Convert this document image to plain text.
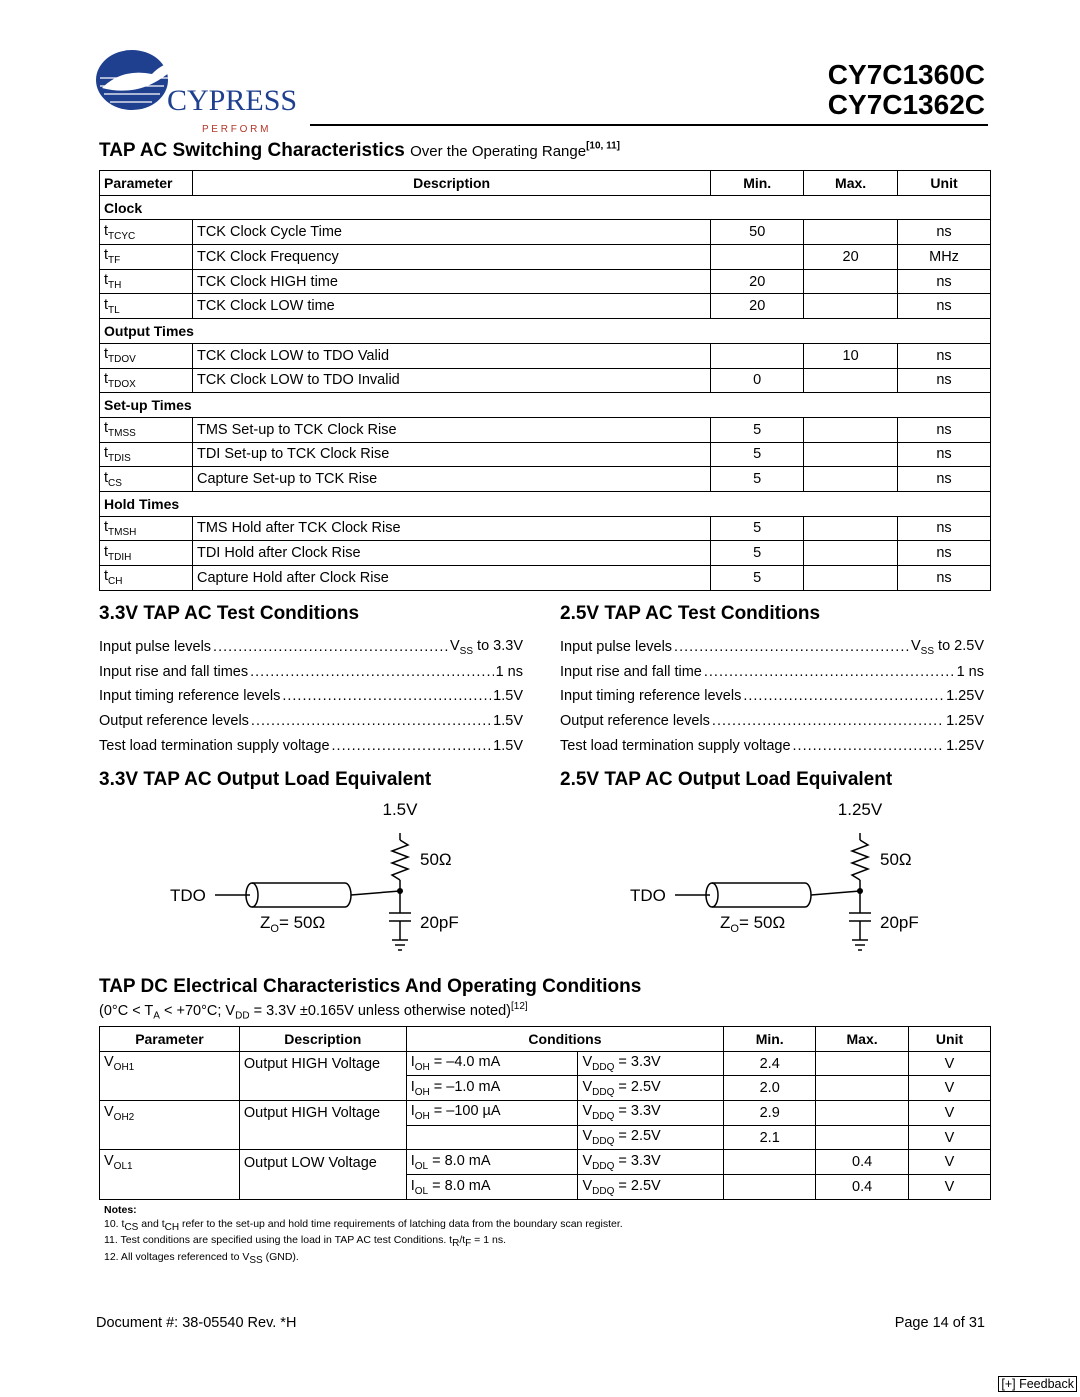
CYPRESS
P E R F O R M
CY7C1360C
CY7C1362C
TAP AC Switching Characteristics Over the Operating Range[10, 11]
Parameter	Description	Min.	Max.	Unit
Clock				
$t_{TCYC}$	TCK Clock Cycle Time	50		ns
$t_{TF}$	TCK Clock Frequency		20	MHz
$t_{TH}$	TCK Clock HIGH time	20		ns
$t_{TL}$	TCK Clock LOW time	20		ns
Output Times				
$t_{TDOV}$	TCK Clock LOW to TDO Valid		10	ns
$t_{TDOX}$	TCK Clock LOW to TDO Invalid	0		ns
Set-up Times				
$t_{TMSS}$	TMS Set-up to TCK Clock Rise	5		ns
$t_{TDIS}$	TDI Set-up to TCK Clock Rise	5		ns
$t_{CS}$	Capture Set-up to TCK Rise	5		ns
Hold Times				
$t_{TMSH}$	TMS Hold after TCK Clock Rise	5		ns
$t_{TDIH}$	TDI Hold after Clock Rise	5		ns
$t_{CH}$	Capture Hold after Clock Rise	5		ns
3.3V TAP AC Test Conditions	2.5V TAP AC Test Conditions
Input pulse levels .....	$V_{SS}$ to 3.3V
Input rise and fall times .....	1 ns
Input timing reference levels .....	1.5V
Output reference levels .....	1.5V
Test load termination supply voltage .....	1.5V
Input pulse levels .....	$V_{SS}$ to 2.5V
Input rise and fall time .....	1 ns
Input timing reference levels .....	1.25V
Output reference levels .....	1.25V
Test load termination supply voltage .....	1.25V
3.3V TAP AC Output Load Equivalent	2.5V TAP AC Output Load Equivalent
1.5V
50Ω
TDO
$Z_O= 50\Omega$	20pF
1.25V
50Ω
TDO
$Z_O= 50\Omega$	20pF
TAP DC Electrical Characteristics And Operating Conditions
($0^\circ C < T_A < +70^\circ C$; $V_{DD} = 3.3V \pm 0.165V$ unless otherwise noted)[12]
Parameter	Description	Conditions		Min.	Max.	Unit
$V_{OH1}$	Output HIGH Voltage	$I_{OH} = -4.0$ mA	$V_{DDQ} = 3.3V$	2.4		V
		$I_{OH} = -1.0$ mA	$V_{DDQ} = 2.5V$	2.0		V
$V_{OH2}$	Output HIGH Voltage	$I_{OH} = -100$ µA	$V_{DDQ} = 3.3V$	2.9		V
			$V_{DDQ} = 2.5V$	2.1		V
$V_{OL1}$	Output LOW Voltage	$I_{OL} = 8.0$ mA	$V_{DDQ} = 3.3V$		0.4	V
		$I_{OL} = 8.0$ mA	$V_{DDQ} = 2.5V$		0.4	V
Notes:
10. tCS and tCH refer to the set-up and hold time requirements of latching data from the boundary scan register.
11. Test conditions are specified using the load in TAP AC test Conditions. tR/tF = 1 ns.
12. All voltages referenced to VSS (GND).
Document #: 38-05540 Rev. *H	Page 14 of 31
[+] Feedback
